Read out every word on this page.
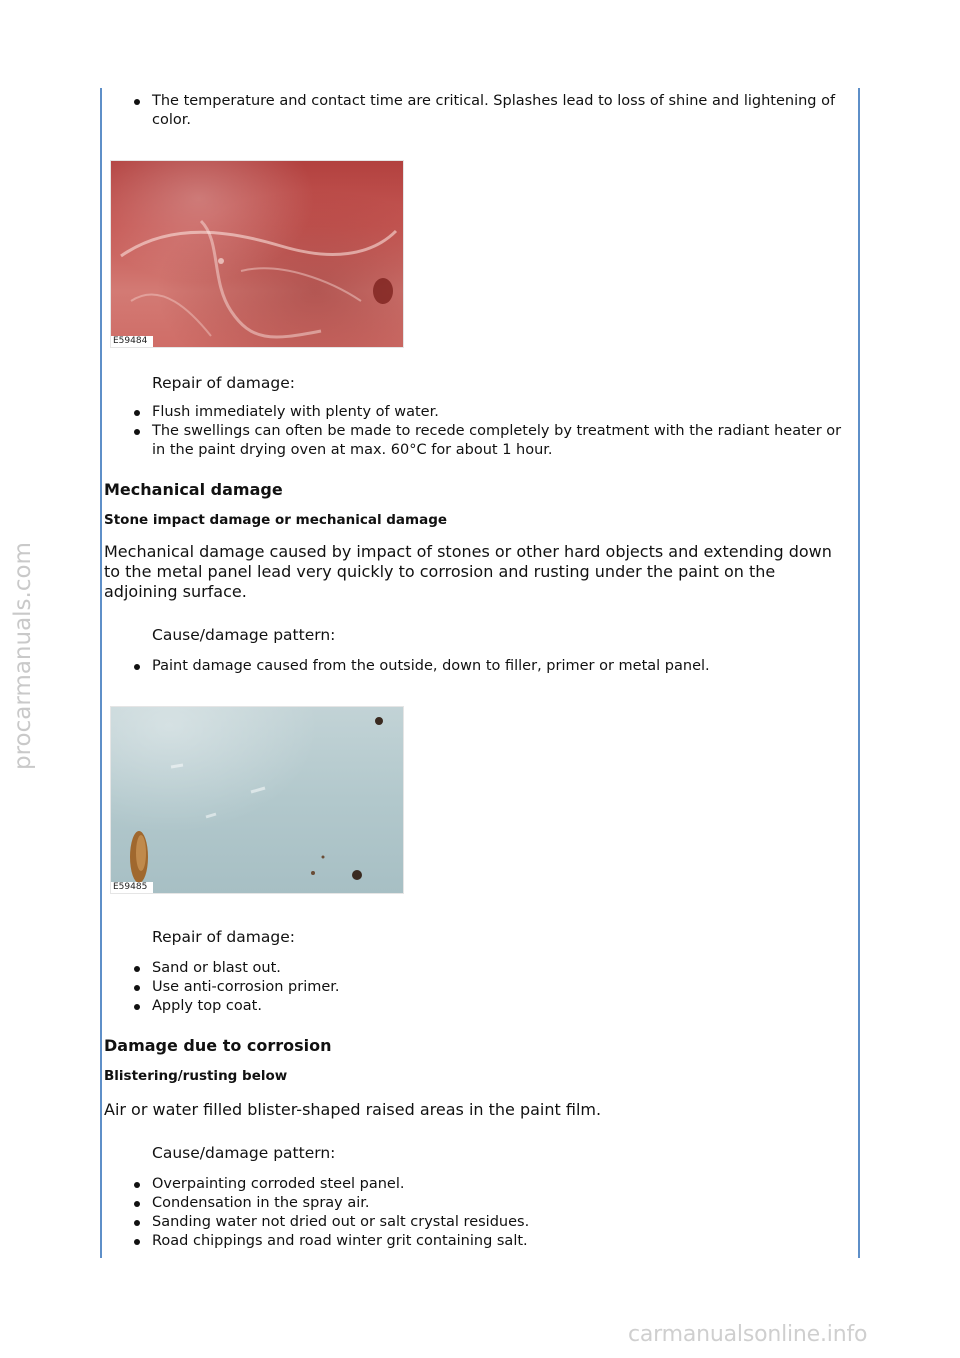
procarmanuals.com
The temperature and contact time are critical. Splashes lead to loss of shine and lightening of color.
E59484
Repair of damage:
Flush immediately with plenty of water.
The swellings can often be made to recede completely by treatment with the radiant heater or in the paint drying oven at max. 60°C for about 1 hour.
Mechanical damage
Stone impact damage or mechanical damage

Mechanical damage caused by impact of stones or other hard objects and extending down to the metal panel lead very quickly to corrosion and rusting under the paint on the adjoining surface.

Cause/damage pattern:
Paint damage caused from the outside, down to filler, primer or metal panel.
E59485
Repair of damage:
Sand or blast out.
Use anti-corrosion primer.
Apply top coat.
Damage due to corrosion
Blistering/rusting below

Air or water filled blister-shaped raised areas in the paint film.

Cause/damage pattern:
Overpainting corroded steel panel.
Condensation in the spray air.
Sanding water not dried out or salt crystal residues.
Road chippings and road winter grit containing salt.
carmanualsonline.info
